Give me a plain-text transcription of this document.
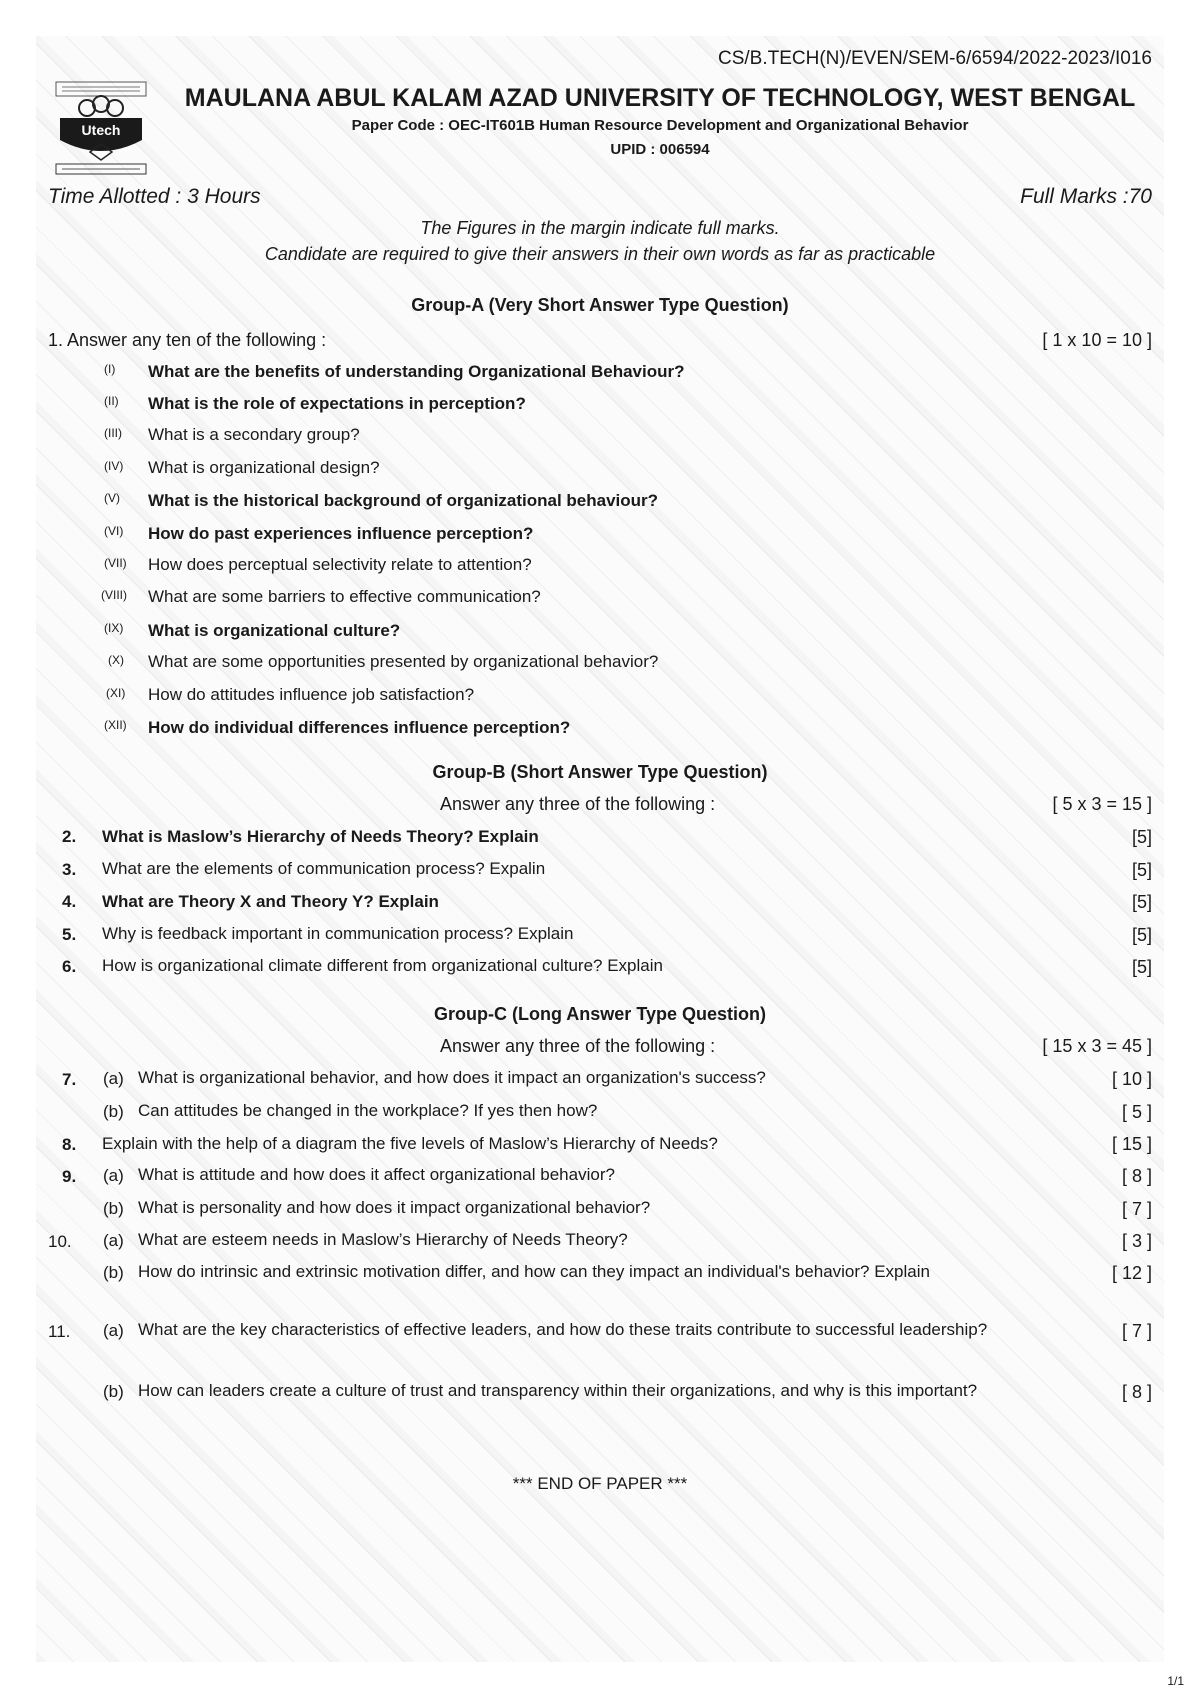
CS/B.TECH(N)/EVEN/SEM-6/6594/2022-2023/I016
Utech
MAULANA ABUL KALAM AZAD UNIVERSITY OF TECHNOLOGY, WEST BENGAL
Paper Code : OEC-IT601B Human Resource Development and Organizational Behavior
UPID : 006594
Time Allotted : 3 Hours	Full Marks :70
The Figures in the margin indicate full marks.
Candidate are required to give their answers in their own words as far as practicable
Group-A (Very Short Answer Type Question)
1. Answer any ten of the following :	[ 1 x 10 = 10 ]
(I) What are the benefits of understanding Organizational Behaviour?
(II) What is the role of expectations in perception?
(III) What is a secondary group?
(IV) What is organizational design?
(V) What is the historical background of organizational behaviour?
(VI) How do past experiences influence perception?
(VII) How does perceptual selectivity relate to attention?
(VIII) What are some barriers to effective communication?
(IX) What is organizational culture?
(X) What are some opportunities presented by organizational behavior?
(XI) How do attitudes influence job satisfaction?
(XII) How do individual differences influence perception?
Group-B (Short Answer Type Question)
Answer any three of the following :	[ 5 x 3 = 15 ]
2. What is Maslow’s Hierarchy of Needs Theory? Explain	[5]
3. What are the elements of communication process? Expalin	[5]
4. What are Theory X and Theory Y? Explain	[5]
5. Why is feedback important in communication process? Explain	[5]
6. How is organizational climate different from organizational culture? Explain	[5]
Group-C (Long Answer Type Question)
Answer any three of the following :	[ 15 x 3 = 45 ]
7. (a) What is organizational behavior, and how does it impact an organization's success?	[ 10 ]
(b) Can attitudes be changed in the workplace? If yes then how?	[ 5 ]
8. Explain with the help of a diagram the five levels of Maslow’s Hierarchy of Needs?	[ 15 ]
9. (a) What is attitude and how does it affect organizational behavior?	[ 8 ]
(b) What is personality and how does it impact organizational behavior?	[ 7 ]
10. (a) What are esteem needs in Maslow’s Hierarchy of Needs Theory?	[ 3 ]
(b) How do intrinsic and extrinsic motivation differ, and how can they impact an individual's behavior? Explain	[ 12 ]
11. (a) What are the key characteristics of effective leaders, and how do these traits contribute to successful leadership?	[ 7 ]
(b) How can leaders create a culture of trust and transparency within their organizations, and why is this important?	[ 8 ]
*** END OF PAPER ***
1/1
